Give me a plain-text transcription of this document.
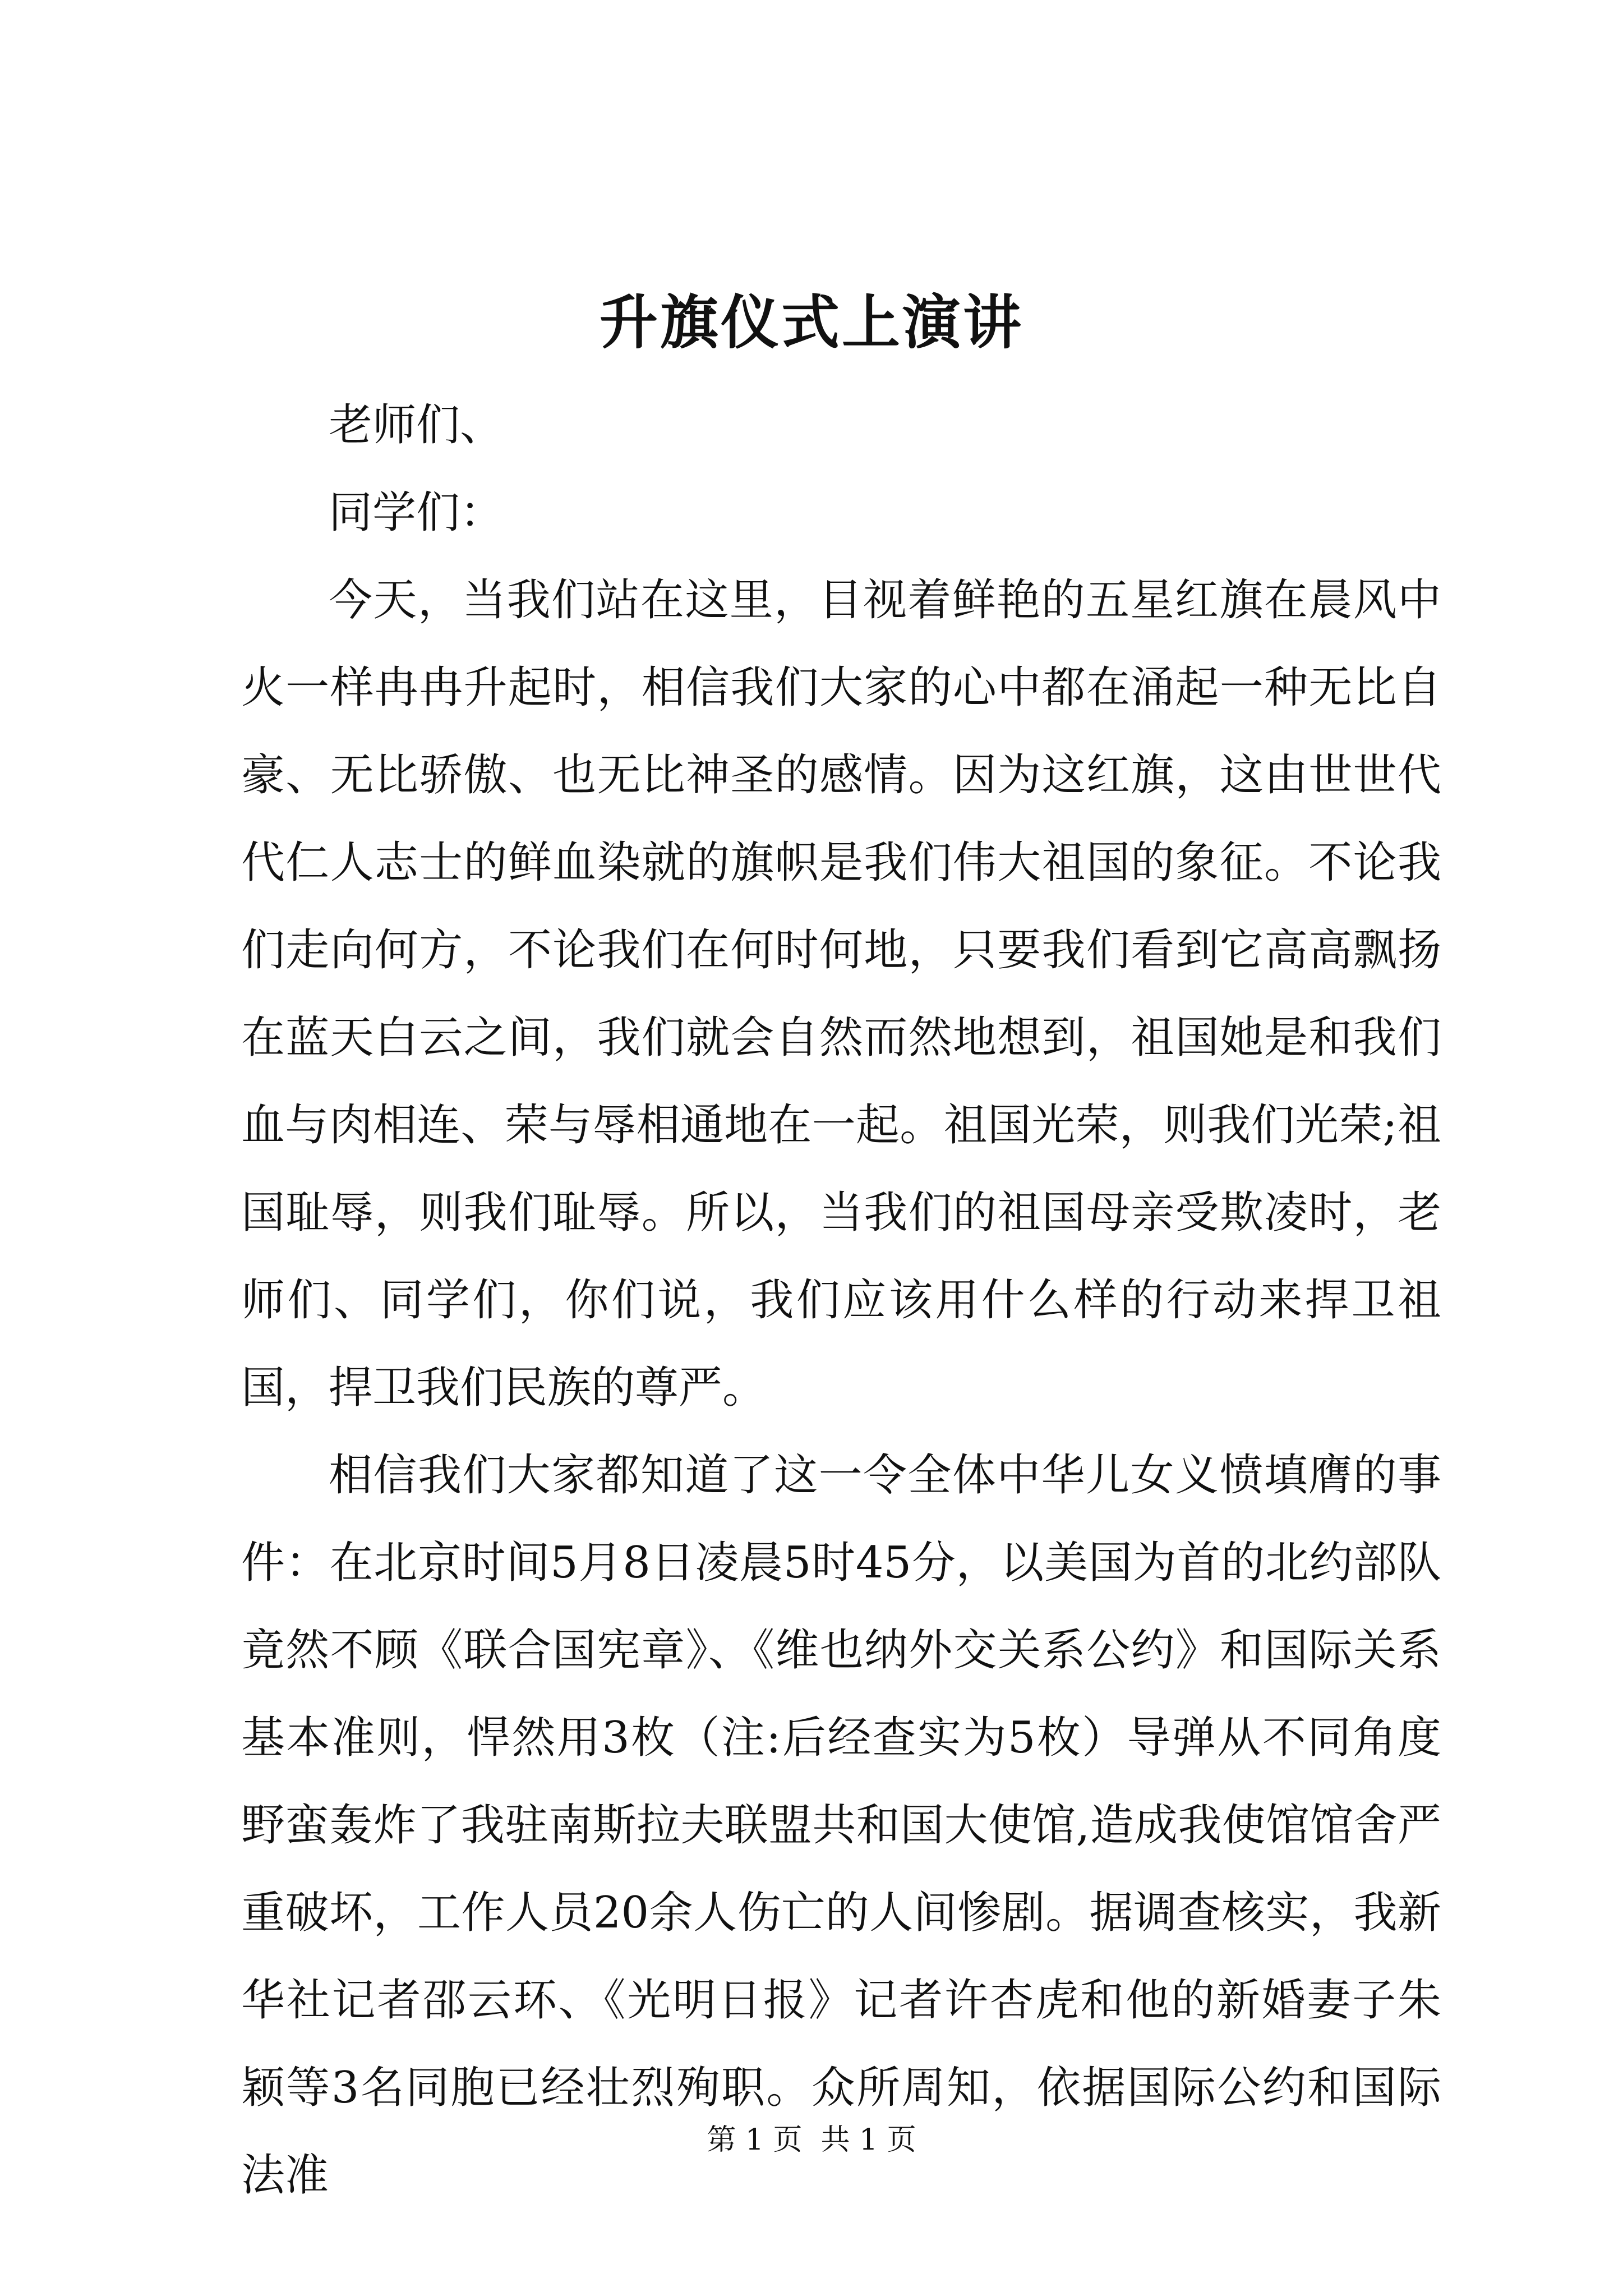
升旗仪式上演讲

老师们、

同学们：

今天，当我们站在这里，目视着鲜艳的五星红旗在晨风中火一样冉冉升起时，相信我们大家的心中都在涌起一种无比自豪、无比骄傲、也无比神圣的感情。因为这红旗，这由世世代代仁人志士的鲜血染就的旗帜是我们伟大祖国的象征。不论我们走向何方，不论我们在何时何地，只要我们看到它高高飘扬在蓝天白云之间，我们就会自然而然地想到，祖国她是和我们血与肉相连、荣与辱相通地在一起。祖国光荣，则我们光荣;祖国耻辱，则我们耻辱。所以，当我们的祖国母亲受欺凌时，老师们、同学们，你们说，我们应该用什么样的行动来捍卫祖国，捍卫我们民族的尊严。

相信我们大家都知道了这一令全体中华儿女义愤填膺的事件：在北京时间5月8日凌晨5时45分，以美国为首的北约部队竟然不顾《联合国宪章》、《维也纳外交关系公约》和国际关系基本准则，悍然用3枚（注:后经查实为5枚）导弹从不同角度野蛮轰炸了我驻南斯拉夫联盟共和国大使馆,造成我使馆馆舍严重破坏，工作人员20余人伤亡的人间惨剧。据调查核实，我新华社记者邵云环、《光明日报》记者许杏虎和他的新婚妻子朱颖等3名同胞已经壮烈殉职。众所周知，依据国际公约和国际法准

第 1 页  共 1 页
